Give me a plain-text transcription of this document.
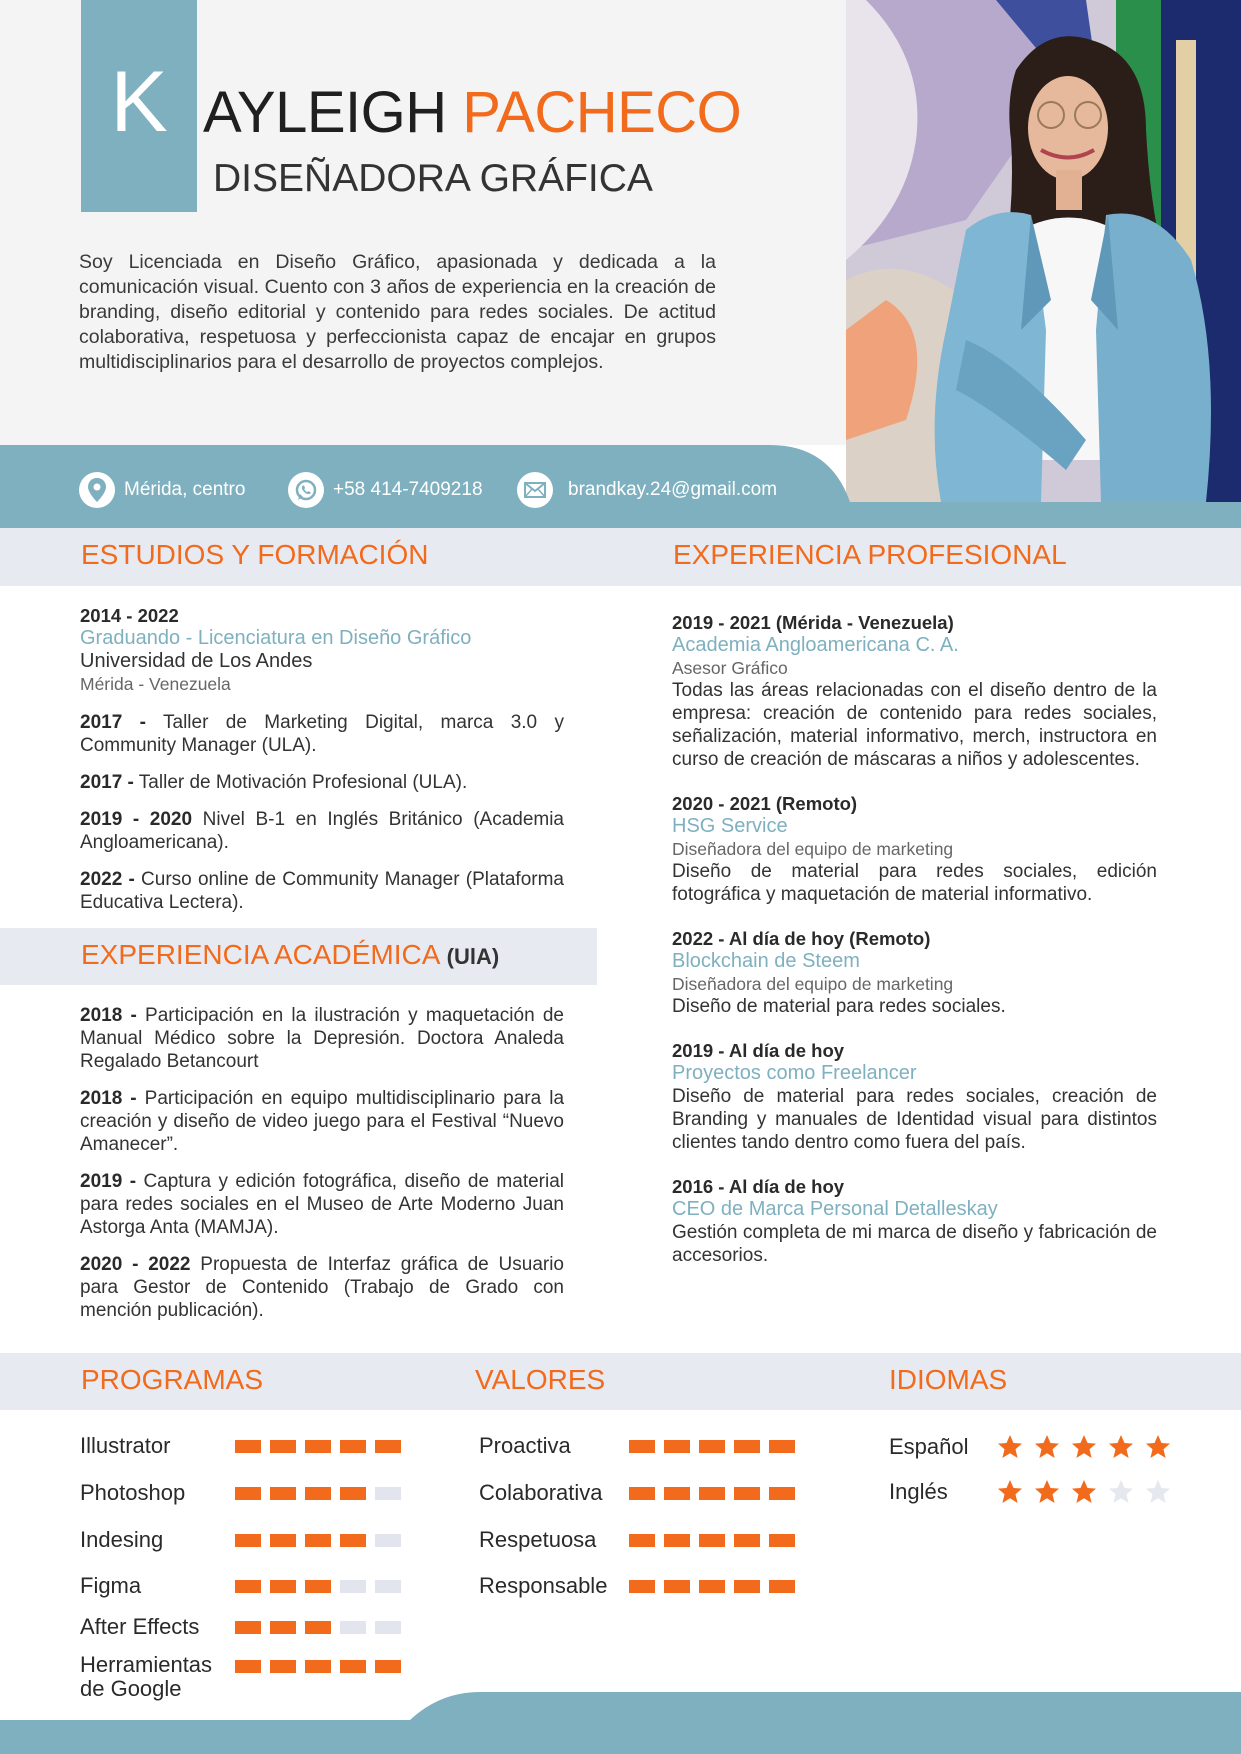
K AYLEIGH PACHECO
DISEÑADORA GRÁFICA
Soy Licenciada en Diseño Gráfico, apasionada y dedicada a la comunicación visual. Cuento con 3 años de experiencia en la creación de branding, diseño editorial y contenido para redes sociales. De actitud colaborativa, respetuosa y perfeccionista capaz de encajar en grupos multidisciplinarios para el desarrollo de proyectos complejos.
Mérida, centro	+58 414-7409218	brandkay.24@gmail.com
ESTUDIOS Y FORMACIÓN	EXPERIENCIA PROFESIONAL
2014 - 2022
Graduando - Licenciatura en Diseño Gráfico
Universidad de Los Andes
Mérida - Venezuela
2017 - Taller de Marketing Digital, marca 3.0 y Community Manager (ULA).
2017 - Taller de Motivación Profesional (ULA).
2019 - 2020 Nivel B-1 en Inglés Británico (Academia Angloamericana).
2022 - Curso online de Community Manager (Plataforma Educativa Lectera).
EXPERIENCIA ACADÉMICA (UlA)
2018 - Participación en la ilustración y maquetación de Manual Médico sobre la Depresión. Doctora Analeda Regalado Betancourt
2018 - Participación en equipo multidisciplinario para la creación y diseño de video juego para el Festival “Nuevo Amanecer”.
2019 - Captura y edición fotográfica, diseño de material para redes sociales en el Museo de Arte Moderno Juan Astorga Anta (MAMJA).
2020 - 2022 Propuesta de Interfaz gráfica de Usuario para Gestor de Contenido (Trabajo de Grado con mención publicación).
2019 - 2021 (Mérida - Venezuela)
Academia Angloamericana C. A.
Asesor Gráfico
Todas las áreas relacionadas con el diseño dentro de la empresa: creación de contenido para redes sociales, señalización, material informativo, merch, instructora en curso de creación de máscaras a niños y adolescentes.
2020 - 2021 (Remoto)
HSG Service
Diseñadora del equipo de marketing
Diseño de material para redes sociales, edición fotográfica y maquetación de material informativo.
2022 - Al día de hoy (Remoto)
Blockchain de Steem
Diseñadora del equipo de marketing
Diseño de material para redes sociales.
2019 - Al día de hoy
Proyectos como Freelancer
Diseño de material para redes sociales, creación de Branding y manuales de Identidad visual para distintos clientes tando dentro como fuera del país.
2016 - Al día de hoy
CEO de Marca Personal Detalleskay
Gestión completa de mi marca de diseño y fabricación de accesorios.
PROGRAMAS	VALORES	IDIOMAS
Illustrator
Photoshop
Indesing
Figma
After Effects
Herramientas de Google
Proactiva
Colaborativa
Respetuosa
Responsable
Español
Inglés
